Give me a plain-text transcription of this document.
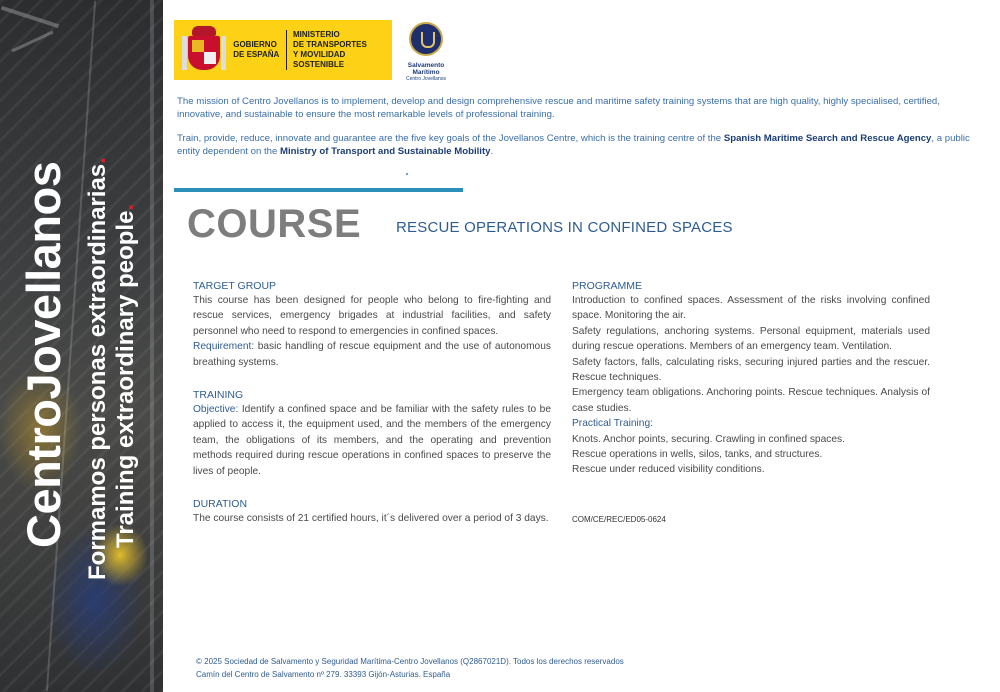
CentroJovellanos Formamos personas extraordinarias.
Training extraordinary people.
GOBIERNO
DE ESPAÑA
MINISTERIO
DE TRANSPORTES
Y MOVILIDAD SOSTENIBLE	Salvamento Marítimo
Centro Jovellanos

The mission of Centro Jovellanos is to implement, develop and design comprehensive rescue and maritime safety training systems that are high quality, highly specialised, certified, innovative, and sustainable to ensure the most remarkable levels of professional training.

Train, provide, reduce, innovate and guarantee are the five key goals of the Jovellanos Centre, which is the training centre of the Spanish Maritime Search and Rescue Agency, a public entity dependent on the Ministry of Transport and Sustainable Mobility.

COURSE RESCUE OPERATIONS IN CONFINED SPACES
TARGET GROUP
This course has been designed for people who belong to fire-fighting and rescue services, emergency brigades at industrial facilities, and safety personnel who need to respond to emergencies in confined spaces.
Requirement: basic handling of rescue equipment and the use of autonomous breathing systems.
TRAINING
Objective: Identify a confined space and be familiar with the safety rules to be applied to access it, the equipment used, and the members of the emergency team, the obligations of its members, and the operating and prevention methods required during rescue operations in confined spaces to preserve the lives of people.
DURATION
The course consists of 21 certified hours, it´s delivered over a period of 3 days.
PROGRAMME
Introduction to confined spaces. Assessment of the risks involving confined space. Monitoring the air.
Safety regulations, anchoring systems. Personal equipment, materials used during rescue operations. Members of an emergency team. Ventilation.
Safety factors, falls, calculating risks, securing injured parties and the rescuer. Rescue techniques.
Emergency team obligations. Anchoring points. Rescue techniques. Analysis of case studies.
Practical Training:
Knots. Anchor points, securing. Crawling in confined spaces.
Rescue operations in wells, silos, tanks, and structures.
Rescue under reduced visibility conditions.
COM/CE/REC/ED05-0624
© 2025 Sociedad de Salvamento y Seguridad Marítima-Centro Jovellanos (Q2867021D). Todos los derechos reservados
Camín del Centro de Salvamento nº 279. 33393 Gijón-Asturias. España
